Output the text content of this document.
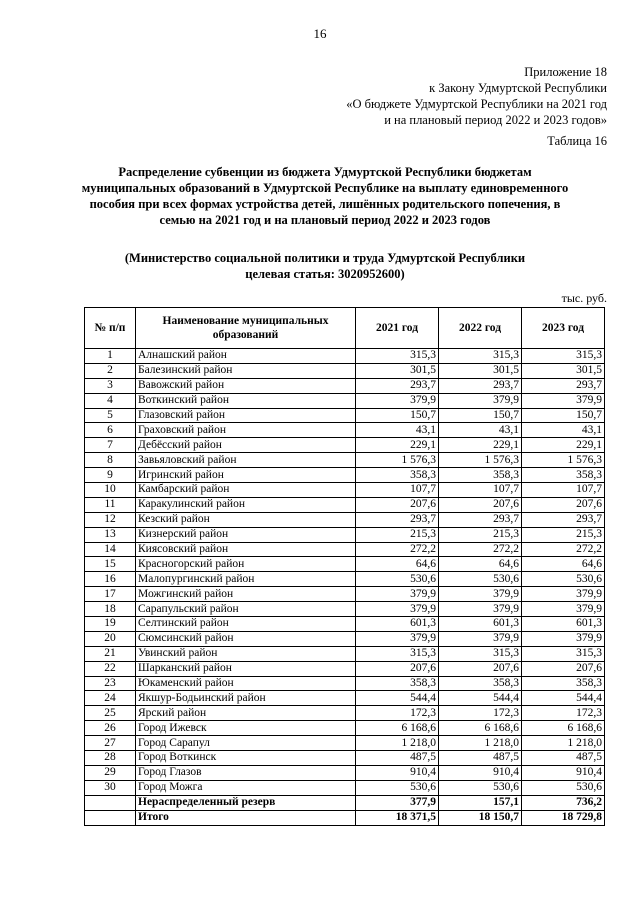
16
Приложение 18
к Закону Удмуртской Республики
«О бюджете Удмуртской Республики на 2021 год
и на плановый период 2022 и 2023 годов»
Таблица 16
Распределение субвенции из бюджета Удмуртской Республики бюджетам
муниципальных образований в Удмуртской Республике на выплату единовременного
пособия при всех формах устройства детей, лишённых родительского попечения, в
семью на 2021 год и на плановый период 2022 и 2023 годов
(Министерство социальной политики и труда Удмуртской Республики
целевая статья: 3020952600)
тыс. руб.
№ п/п	Наименование муниципальных образований	2021 год	2022 год	2023 год
1	Алнашский район	315,3	315,3	315,3
2	Балезинский район	301,5	301,5	301,5
3	Вавожский район	293,7	293,7	293,7
4	Воткинский район	379,9	379,9	379,9
5	Глазовский район	150,7	150,7	150,7
6	Граховский район	43,1	43,1	43,1
7	Дебёсский район	229,1	229,1	229,1
8	Завьяловский район	1 576,3	1 576,3	1 576,3
9	Игринский район	358,3	358,3	358,3
10	Камбарский район	107,7	107,7	107,7
11	Каракулинский район	207,6	207,6	207,6
12	Кезский район	293,7	293,7	293,7
13	Кизнерский район	215,3	215,3	215,3
14	Киясовский район	272,2	272,2	272,2
15	Красногорский район	64,6	64,6	64,6
16	Малопургинский район	530,6	530,6	530,6
17	Можгинский район	379,9	379,9	379,9
18	Сарапульский район	379,9	379,9	379,9
19	Селтинский район	601,3	601,3	601,3
20	Сюмсинский район	379,9	379,9	379,9
21	Увинский район	315,3	315,3	315,3
22	Шарканский район	207,6	207,6	207,6
23	Юкаменский район	358,3	358,3	358,3
24	Якшур-Бодьинский район	544,4	544,4	544,4
25	Ярский район	172,3	172,3	172,3
26	Город Ижевск	6 168,6	6 168,6	6 168,6
27	Город Сарапул	1 218,0	1 218,0	1 218,0
28	Город Воткинск	487,5	487,5	487,5
29	Город Глазов	910,4	910,4	910,4
30	Город Можга	530,6	530,6	530,6
	Нераспределенный резерв	377,9	157,1	736,2
	Итого	18 371,5	18 150,7	18 729,8
